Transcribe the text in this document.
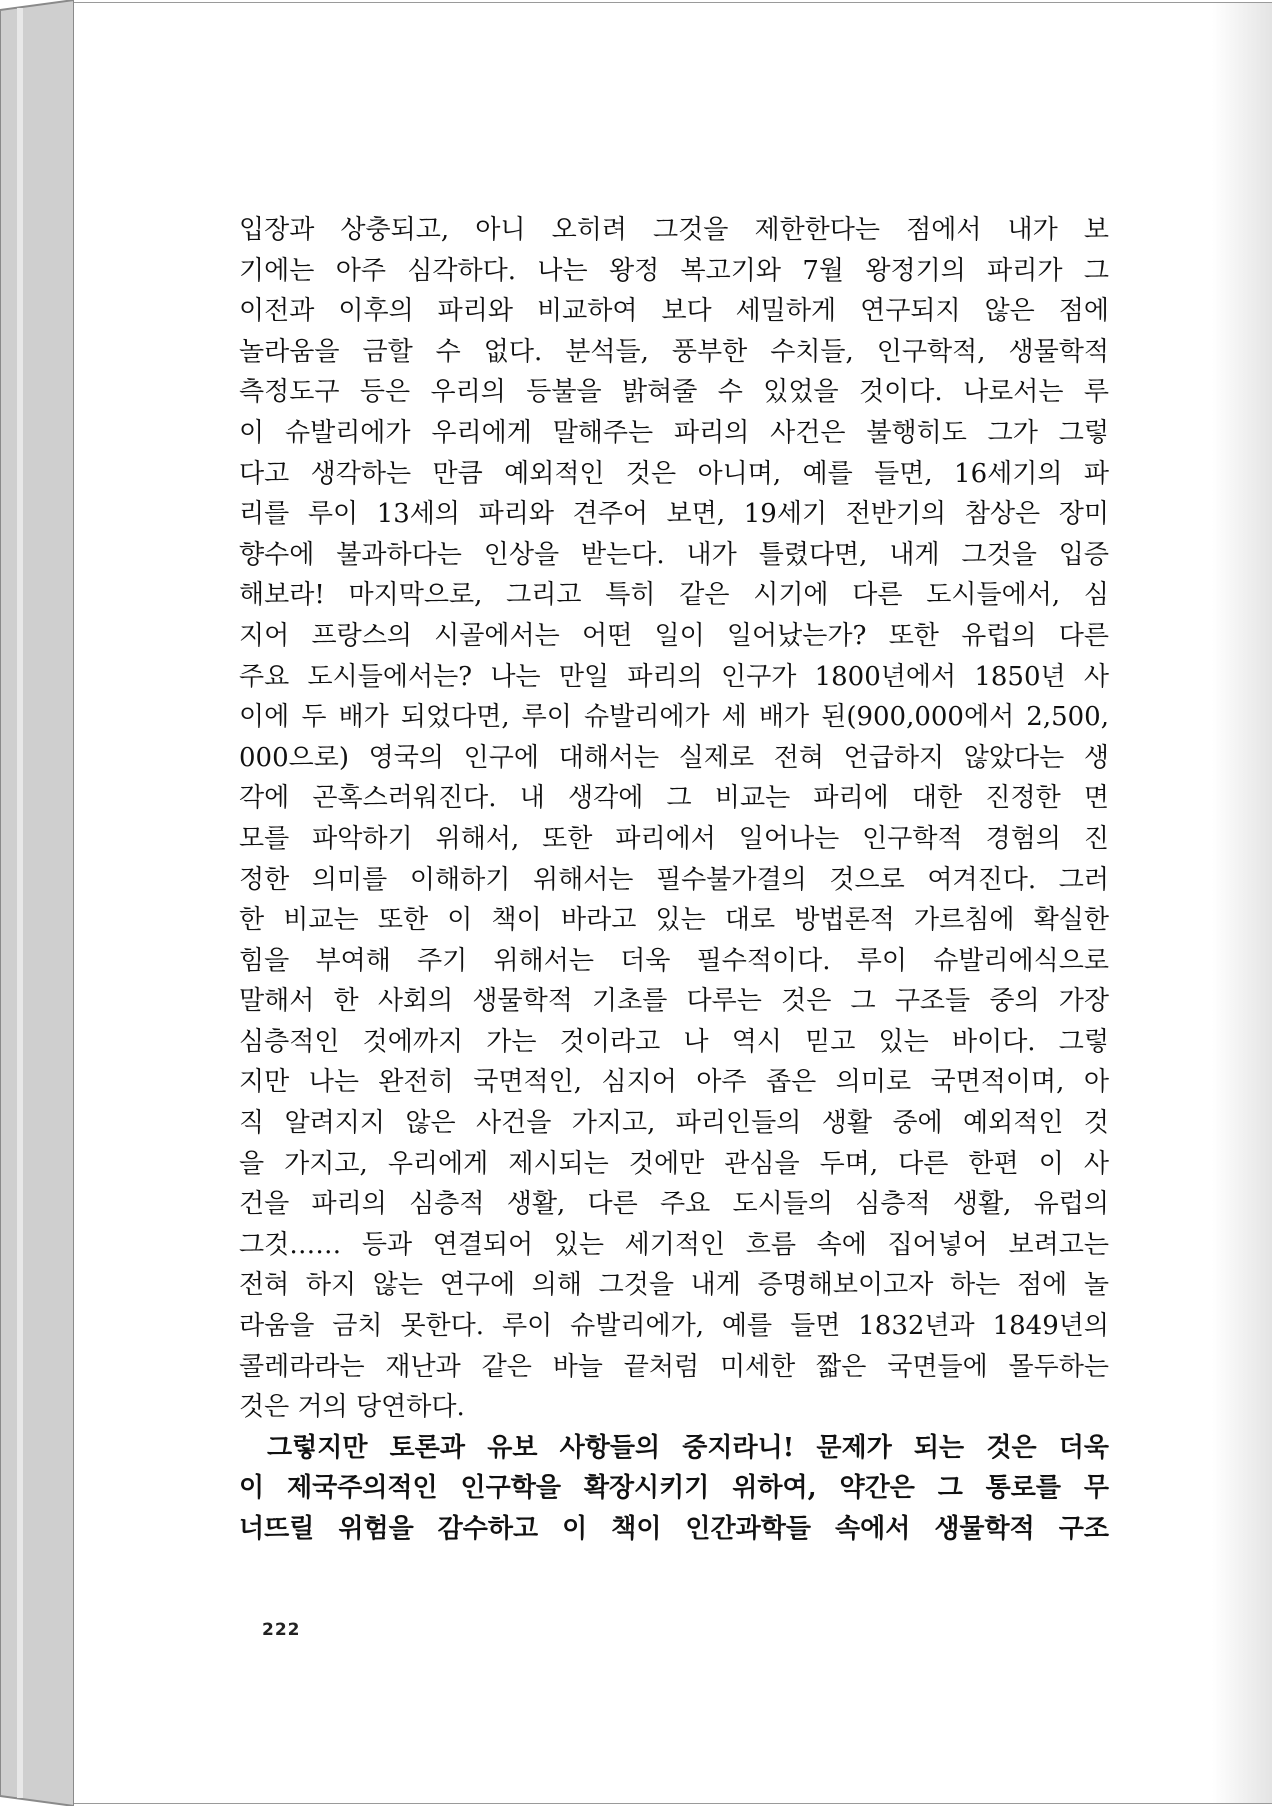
입장과 상충되고, 아니 오히려 그것을 제한한다는 점에서 내가 보
기에는 아주 심각하다. 나는 왕정 복고기와 7월 왕정기의 파리가 그
이전과 이후의 파리와 비교하여 보다 세밀하게 연구되지 않은 점에
놀라움을 금할 수 없다. 분석들, 풍부한 수치들, 인구학적, 생물학적
측정도구 등은 우리의 등불을 밝혀줄 수 있었을 것이다. 나로서는 루
이 슈발리에가 우리에게 말해주는 파리의 사건은 불행히도 그가 그렇
다고 생각하는 만큼 예외적인 것은 아니며, 예를 들면, 16세기의 파
리를 루이 13세의 파리와 견주어 보면, 19세기 전반기의 참상은 장미
향수에 불과하다는 인상을 받는다. 내가 틀렸다면, 내게 그것을 입증
해보라! 마지막으로, 그리고 특히 같은 시기에 다른 도시들에서, 심
지어 프랑스의 시골에서는 어떤 일이 일어났는가? 또한 유럽의 다른
주요 도시들에서는? 나는 만일 파리의 인구가 1800년에서 1850년 사
이에 두 배가 되었다면, 루이 슈발리에가 세 배가 된(900,000에서 2,500,
000으로) 영국의 인구에 대해서는 실제로 전혀 언급하지 않았다는 생
각에 곤혹스러워진다. 내 생각에 그 비교는 파리에 대한 진정한 면
모를 파악하기 위해서, 또한 파리에서 일어나는 인구학적 경험의 진
정한 의미를 이해하기 위해서는 필수불가결의 것으로 여겨진다. 그러
한 비교는 또한 이 책이 바라고 있는 대로 방법론적 가르침에 확실한
힘을 부여해 주기 위해서는 더욱 필수적이다. 루이 슈발리에식으로
말해서 한 사회의 생물학적 기초를 다루는 것은 그 구조들 중의 가장
심층적인 것에까지 가는 것이라고 나 역시 믿고 있는 바이다. 그렇
지만 나는 완전히 국면적인, 심지어 아주 좁은 의미로 국면적이며, 아
직 알려지지 않은 사건을 가지고, 파리인들의 생활 중에 예외적인 것
을 가지고, 우리에게 제시되는 것에만 관심을 두며, 다른 한편 이 사
건을 파리의 심층적 생활, 다른 주요 도시들의 심층적 생활, 유럽의
그것…… 등과 연결되어 있는 세기적인 흐름 속에 집어넣어 보려고는
전혀 하지 않는 연구에 의해 그것을 내게 증명해보이고자 하는 점에 놀
라움을 금치 못한다. 루이 슈발리에가, 예를 들면 1832년과 1849년의
콜레라라는 재난과 같은 바늘 끝처럼 미세한 짧은 국면들에 몰두하는
것은 거의 당연하다.

그렇지만 토론과 유보 사항들의 중지라니! 문제가 되는 것은 더욱
이 제국주의적인 인구학을 확장시키기 위하여, 약간은 그 통로를 무
너뜨릴 위험을 감수하고 이 책이 인간과학들 속에서 생물학적 구조

222
